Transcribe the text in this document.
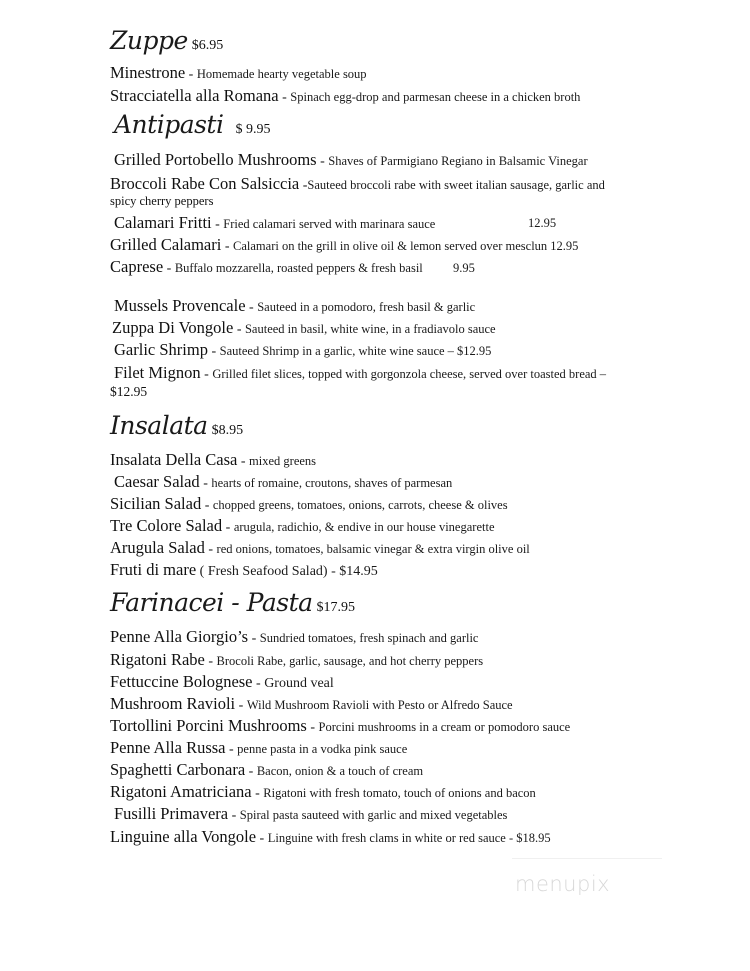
Zuppe $6.95
Minestrone - Homemade hearty vegetable soup
Stracciatella alla Romana - Spinach egg-drop and parmesan cheese in a chicken broth
Antipasti $ 9.95
Grilled Portobello Mushrooms - Shaves of Parmigiano Regiano in Balsamic Vinegar
Broccoli Rabe Con Salsiccia -Sauteed broccoli rabe with sweet italian sausage, garlic and
spicy cherry peppers
Calamari Fritti - Fried calamari served with marinara sauce	12.95
Grilled Calamari - Calamari on the grill in olive oil & lemon served over mesclun 12.95
Caprese - Buffalo mozzarella, roasted peppers & fresh basil 9.95
Mussels Provencale - Sauteed in a pomodoro, fresh basil & garlic
Zuppa Di Vongole - Sauteed in basil, white wine, in a fradiavolo sauce
Garlic Shrimp - Sauteed Shrimp in a garlic, white wine sauce – $12.95
Filet Mignon - Grilled filet slices, topped with gorgonzola cheese, served over toasted bread –
$12.95
Insalata $8.95
Insalata Della Casa - mixed greens
Caesar Salad - hearts of romaine, croutons, shaves of parmesan
Sicilian Salad - chopped greens, tomatoes, onions, carrots, cheese & olives
Tre Colore Salad - arugula, radichio, & endive in our house vinegarette
Arugula Salad - red onions, tomatoes, balsamic vinegar & extra virgin olive oil
Fruti di mare ( Fresh Seafood Salad) - $14.95
Farinacei - Pasta $17.95
Penne Alla Giorgio’s - Sundried tomatoes, fresh spinach and garlic
Rigatoni Rabe - Brocoli Rabe, garlic, sausage, and hot cherry peppers
Fettuccine Bolognese - Ground veal
Mushroom Ravioli - Wild Mushroom Ravioli with Pesto or Alfredo Sauce
Tortollini Porcini Mushrooms - Porcini mushrooms in a cream or pomodoro sauce
Penne Alla Russa - penne pasta in a vodka pink sauce
Spaghetti Carbonara - Bacon, onion & a touch of cream
Rigatoni Amatriciana - Rigatoni with fresh tomato, touch of onions and bacon
Fusilli Primavera - Spiral pasta sauteed with garlic and mixed vegetables
Linguine alla Vongole - Linguine with fresh clams in white or red sauce - $18.95
menupix
